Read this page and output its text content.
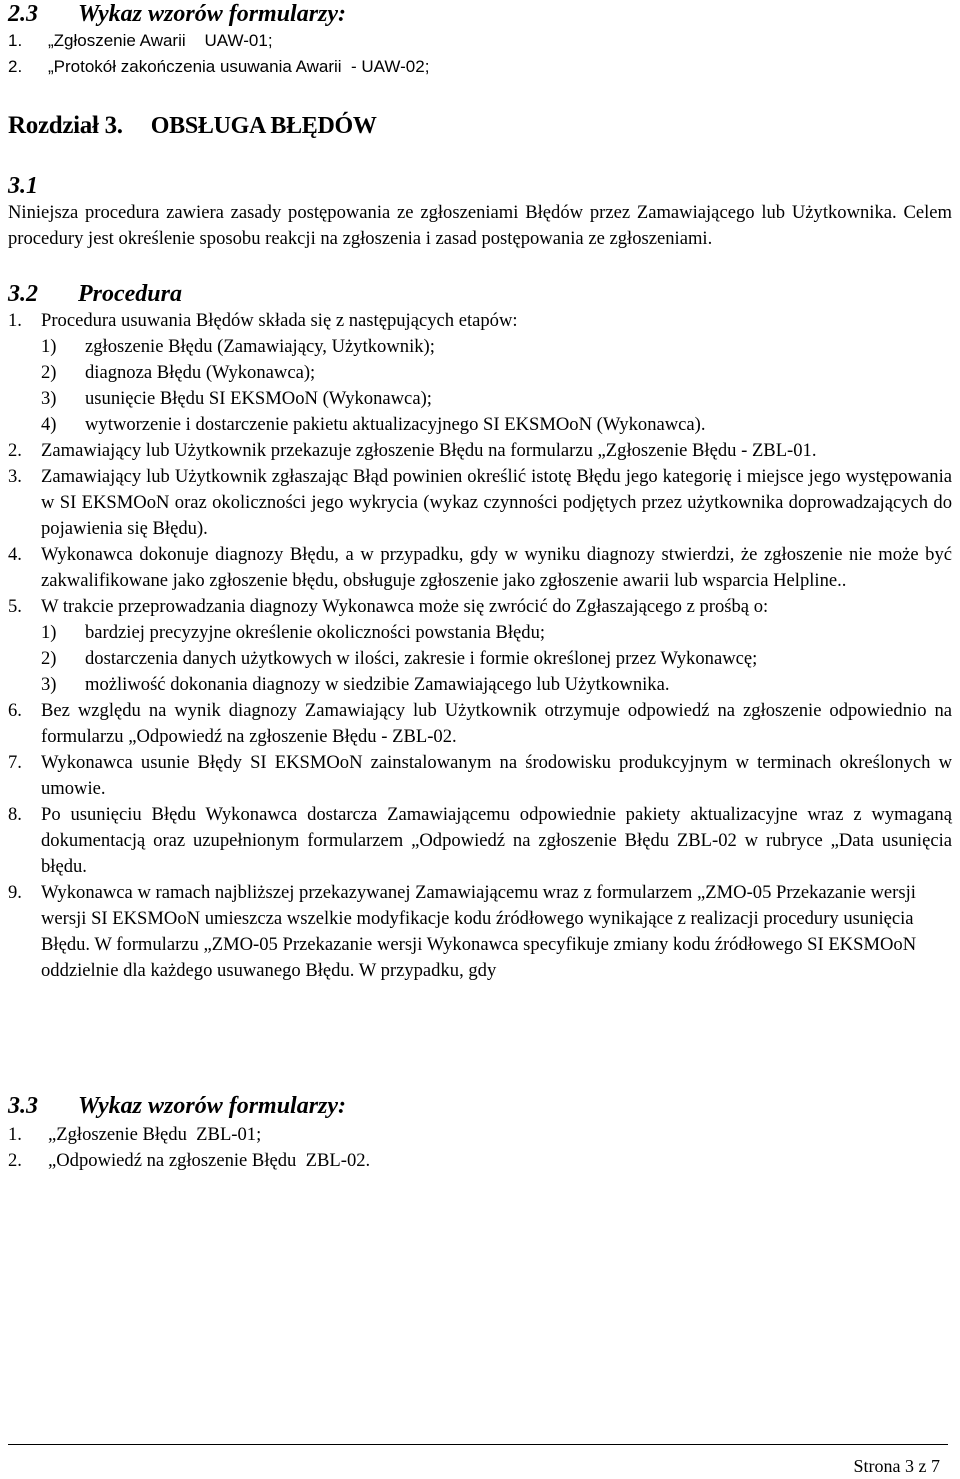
2.3 Wykaz wzorów formularzy:
1.	„Zgłoszenie Awarii    UAW-01;
2.	„Protokół zakończenia usuwania Awarii  - UAW-02;
Rozdział 3. OBSŁUGA BŁĘDÓW
3.1

Niniejsza procedura zawiera zasady postępowania ze zgłoszeniami Błędów przez Zamawiającego lub Użytkownika. Celem procedury jest określenie sposobu reakcji na zgłoszenia i zasad postępowania ze zgłoszeniami.

3.2 Procedura
1.	Procedura usuwania Błędów składa się z następujących etapów:
1)	zgłoszenie Błędu (Zamawiający, Użytkownik);
2)	diagnoza Błędu (Wykonawca);
3)	usunięcie Błędu SI EKSMOoN (Wykonawca);
4)	wytworzenie i dostarczenie pakietu aktualizacyjnego SI EKSMOoN (Wykonawca).
2.	Zamawiający lub Użytkownik przekazuje zgłoszenie Błędu na formularzu „Zgłoszenie Błędu - ZBL-01.
3.	Zamawiający lub Użytkownik zgłaszając Błąd powinien określić istotę Błędu jego kategorię i miejsce jego występowania w SI EKSMOoN oraz okoliczności jego wykrycia (wykaz czynności podjętych przez użytkownika doprowadzających do pojawienia się Błędu).
4.	Wykonawca dokonuje diagnozy Błędu, a w przypadku, gdy w wyniku diagnozy stwierdzi, że zgłoszenie nie może być zakwalifikowane jako zgłoszenie błędu, obsługuje zgłoszenie jako zgłoszenie awarii lub wsparcia Helpline..
5.	W trakcie przeprowadzania diagnozy Wykonawca może się zwrócić do Zgłaszającego z prośbą o:
1)	bardziej precyzyjne określenie okoliczności powstania Błędu;
2)	dostarczenia danych użytkowych w ilości, zakresie i formie określonej przez Wykonawcę;
3)	możliwość dokonania diagnozy w siedzibie Zamawiającego lub Użytkownika.
6.	Bez względu na wynik diagnozy Zamawiający lub Użytkownik otrzymuje odpowiedź na zgłoszenie odpowiednio na formularzu „Odpowiedź na zgłoszenie Błędu - ZBL-02.
7.	Wykonawca usunie Błędy SI EKSMOoN zainstalowanym na środowisku produkcyjnym w terminach określonych w umowie.
8.	Po usunięciu Błędu Wykonawca dostarcza Zamawiającemu odpowiednie pakiety aktualizacyjne wraz z wymaganą dokumentacją oraz uzupełnionym formularzem „Odpowiedź na zgłoszenie Błędu ZBL-02 w rubryce „Data usunięcia błędu.
9.	Wykonawca w ramach najbliższej przekazywanej Zamawiającemu wraz z formularzem „ZMO-05 Przekazanie wersji wersji SI EKSMOoN umieszcza wszelkie modyfikacje kodu źródłowego wynikające z realizacji procedury usunięcia Błędu. W formularzu „ZMO-05 Przekazanie wersji Wykonawca specyfikuje zmiany kodu źródłowego SI EKSMOoN oddzielnie dla każdego usuwanego Błędu. W przypadku, gdy
3.3 Wykaz wzorów formularzy:
1.	„Zgłoszenie Błędu  ZBL-01;
2.	„Odpowiedź na zgłoszenie Błędu  ZBL-02.
Strona 3 z 7
